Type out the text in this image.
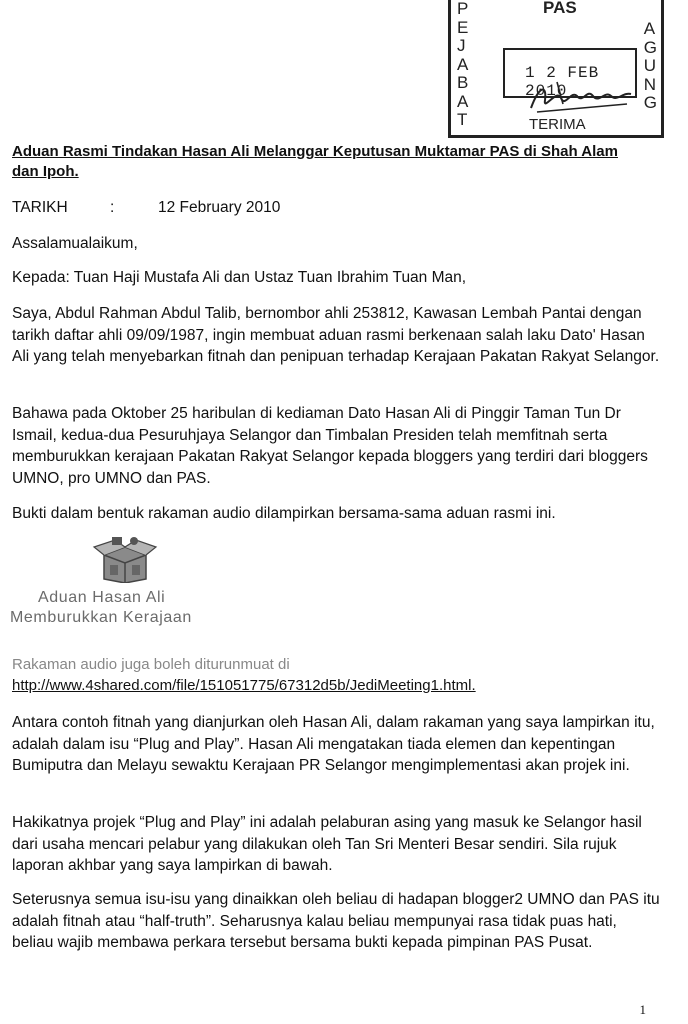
P
E
J
A
B
A
T
PAS
A
G
U
N
G
1 2 FEB 2010
TERIMA
Aduan Rasmi Tindakan Hasan Ali Melanggar Keputusan Muktamar PAS di Shah Alam dan Ipoh.
TARIKH	:	12 February 2010

Assalamualaikum,

Kepada: Tuan Haji Mustafa Ali dan Ustaz Tuan Ibrahim Tuan Man,

Saya, Abdul Rahman Abdul Talib, bernombor ahli 253812, Kawasan Lembah Pantai dengan tarikh daftar ahli 09/09/1987, ingin membuat aduan rasmi berkenaan salah laku Dato' Hasan Ali yang telah menyebarkan fitnah dan penipuan terhadap Kerajaan Pakatan Rakyat Selangor.

Bahawa pada Oktober 25 haribulan di kediaman Dato Hasan Ali di Pinggir Taman Tun Dr Ismail, kedua-dua Pesuruhjaya Selangor dan Timbalan Presiden telah memfitnah serta memburukkan kerajaan Pakatan Rakyat Selangor kepada bloggers yang terdiri dari bloggers UMNO, pro UMNO dan PAS.

Bukti dalam bentuk rakaman audio dilampirkan bersama-sama aduan rasmi ini.

Aduan Hasan Ali
Memburukkan Kerajaan
Rakaman audio juga boleh diturunmuat di
http://www.4shared.com/file/151051775/67312d5b/JediMeeting1.html.

Antara contoh fitnah yang dianjurkan oleh Hasan Ali, dalam rakaman yang saya lampirkan itu, adalah dalam isu “Plug and Play”. Hasan Ali mengatakan tiada elemen dan kepentingan Bumiputra dan Melayu sewaktu Kerajaan PR Selangor mengimplementasi akan projek ini.

Hakikatnya projek “Plug and Play” ini adalah pelaburan asing yang masuk ke Selangor hasil dari usaha mencari pelabur yang dilakukan oleh Tan Sri Menteri Besar sendiri. Sila rujuk laporan akhbar yang saya lampirkan di bawah.

Seterusnya semua isu-isu yang dinaikkan oleh beliau di hadapan blogger2 UMNO dan PAS itu adalah fitnah atau “half-truth”. Seharusnya kalau beliau mempunyai rasa tidak puas hati, beliau wajib membawa perkara tersebut bersama bukti kepada pimpinan PAS Pusat.

1
